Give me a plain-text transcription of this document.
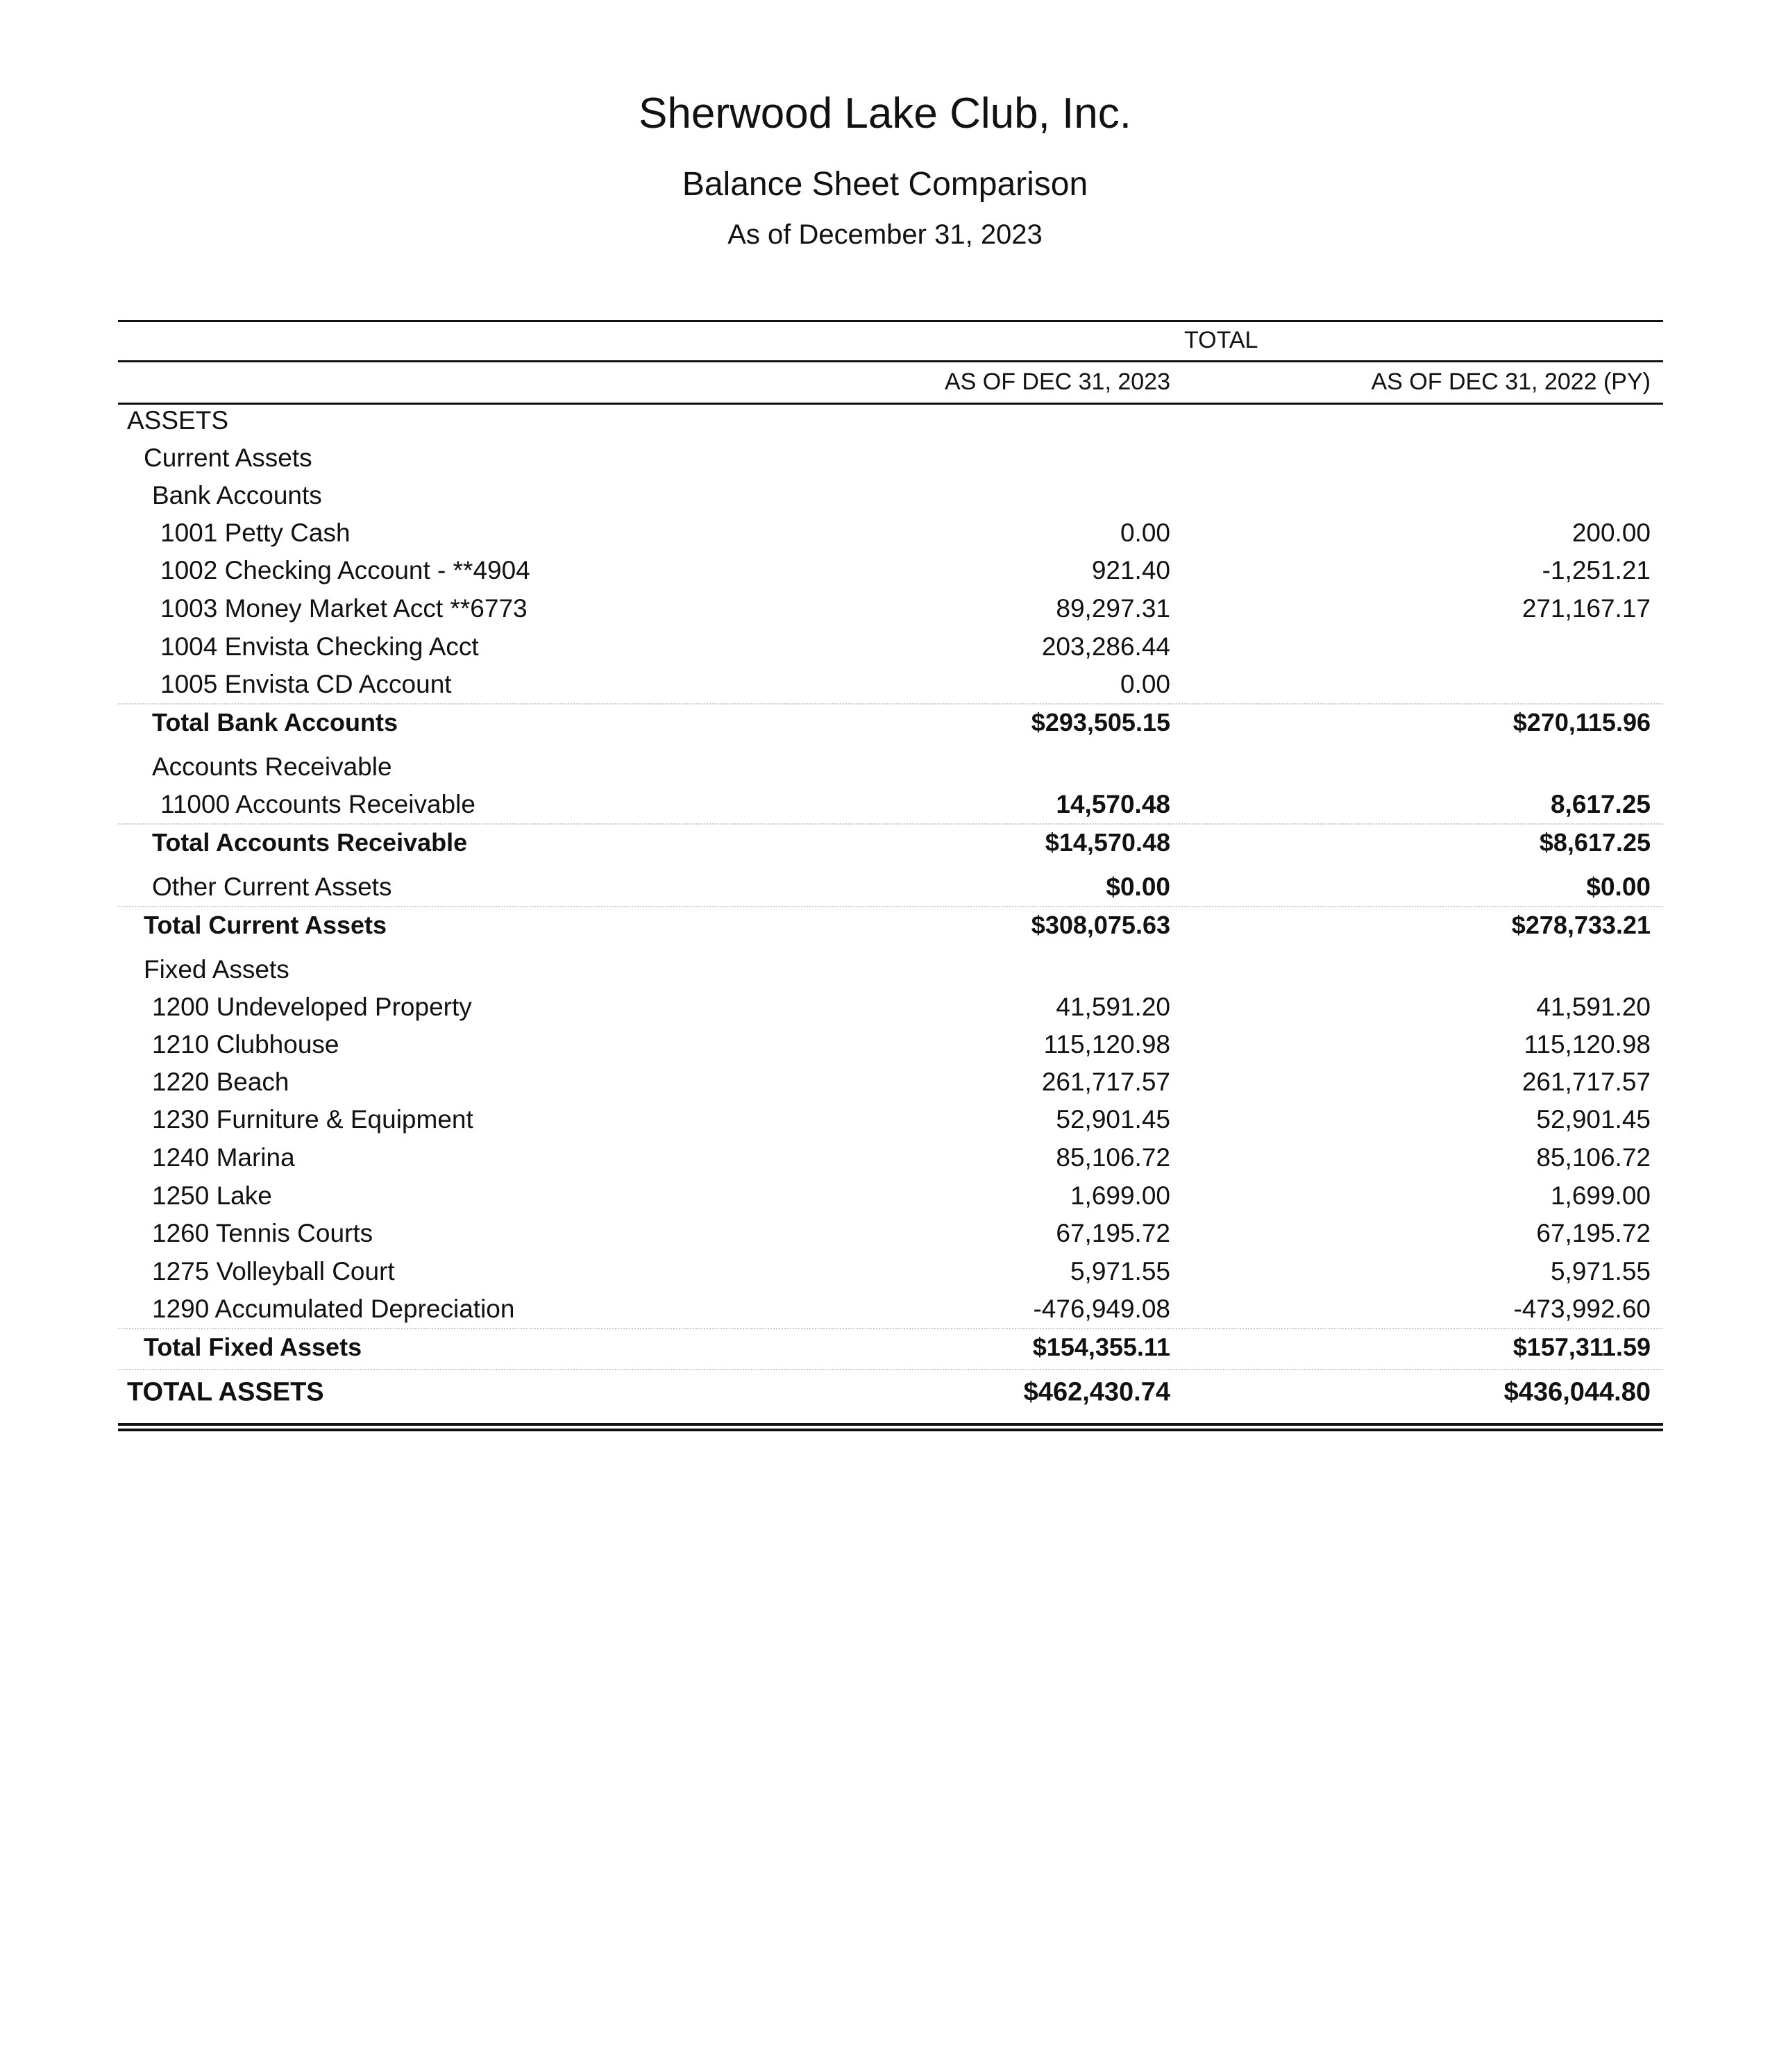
Sherwood Lake Club, Inc.
Balance Sheet Comparison
As of December 31, 2023
TOTAL
AS OF DEC 31, 2023	AS OF DEC 31, 2022 (PY)
ASSETS
Current Assets
Bank Accounts
1001 Petty Cash	0.00	200.00
1002 Checking Account - **4904	921.40	-1,251.21
1003 Money Market Acct **6773	89,297.31	271,167.17
1004 Envista Checking Acct	203,286.44
1005 Envista CD Account	0.00
Total Bank Accounts	$293,505.15	$270,115.96
Accounts Receivable
11000 Accounts Receivable	14,570.48	8,617.25
Total Accounts Receivable	$14,570.48	$8,617.25
Other Current Assets	$0.00	$0.00
Total Current Assets	$308,075.63	$278,733.21
Fixed Assets
1200 Undeveloped Property	41,591.20	41,591.20
1210 Clubhouse	115,120.98	115,120.98
1220 Beach	261,717.57	261,717.57
1230 Furniture & Equipment	52,901.45	52,901.45
1240 Marina	85,106.72	85,106.72
1250 Lake	1,699.00	1,699.00
1260 Tennis Courts	67,195.72	67,195.72
1275 Volleyball Court	5,971.55	5,971.55
1290 Accumulated Depreciation	-476,949.08	-473,992.60
Total Fixed Assets	$154,355.11	$157,311.59
TOTAL ASSETS	$462,430.74	$436,044.80
